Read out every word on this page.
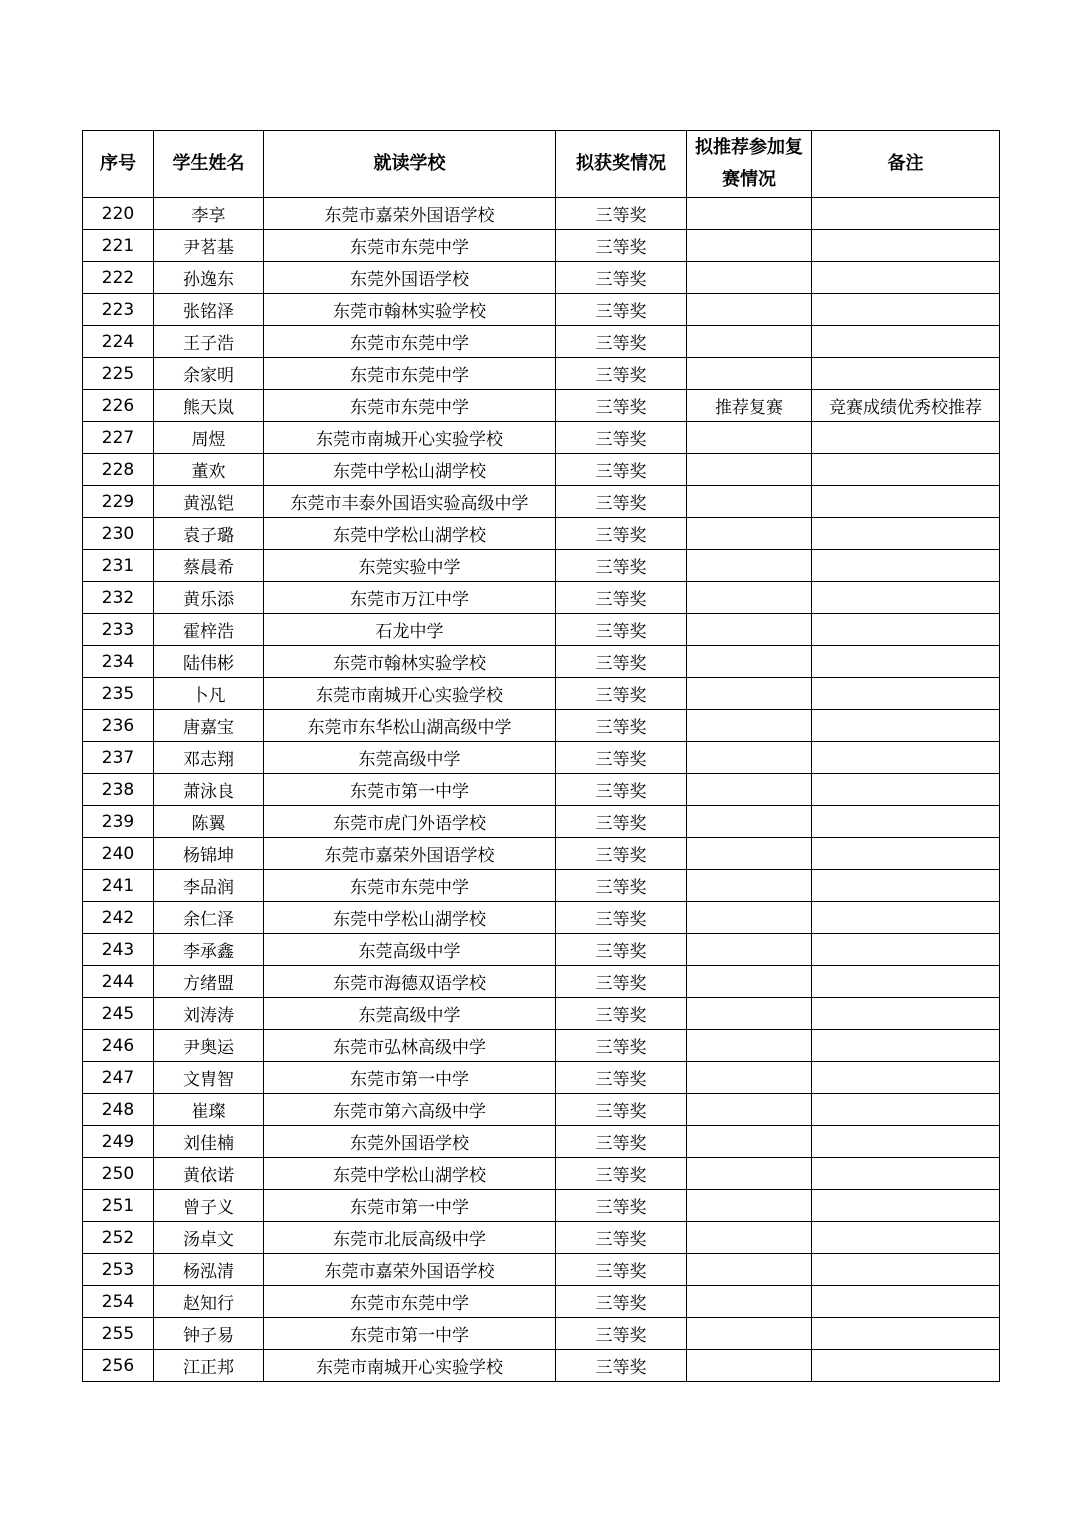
序号	学生姓名	就读学校	拟获奖情况	拟推荐参加复赛情况	备注
220	李享	东莞市嘉荣外国语学校	三等奖		
221	尹茗基	东莞市东莞中学	三等奖		
222	孙逸东	东莞外国语学校	三等奖		
223	张铭泽	东莞市翰林实验学校	三等奖		
224	王子浩	东莞市东莞中学	三等奖		
225	余家明	东莞市东莞中学	三等奖		
226	熊天岚	东莞市东莞中学	三等奖	推荐复赛	竞赛成绩优秀校推荐
227	周煜	东莞市南城开心实验学校	三等奖		
228	董欢	东莞中学松山湖学校	三等奖		
229	黄泓铠	东莞市丰泰外国语实验高级中学	三等奖		
230	袁子璐	东莞中学松山湖学校	三等奖		
231	蔡晨希	东莞实验中学	三等奖		
232	黄乐添	东莞市万江中学	三等奖		
233	霍梓浩	石龙中学	三等奖		
234	陆伟彬	东莞市翰林实验学校	三等奖		
235	卜凡	东莞市南城开心实验学校	三等奖		
236	唐嘉宝	东莞市东华松山湖高级中学	三等奖		
237	邓志翔	东莞高级中学	三等奖		
238	萧泳良	东莞市第一中学	三等奖		
239	陈翼	东莞市虎门外语学校	三等奖		
240	杨锦坤	东莞市嘉荣外国语学校	三等奖		
241	李品润	东莞市东莞中学	三等奖		
242	余仁泽	东莞中学松山湖学校	三等奖		
243	李承鑫	东莞高级中学	三等奖		
244	方绪盟	东莞市海德双语学校	三等奖		
245	刘涛涛	东莞高级中学	三等奖		
246	尹奥运	东莞市弘林高级中学	三等奖		
247	文胄智	东莞市第一中学	三等奖		
248	崔璨	东莞市第六高级中学	三等奖		
249	刘佳楠	东莞外国语学校	三等奖		
250	黄依诺	东莞中学松山湖学校	三等奖		
251	曾子义	东莞市第一中学	三等奖		
252	汤卓文	东莞市北辰高级中学	三等奖		
253	杨泓清	东莞市嘉荣外国语学校	三等奖		
254	赵知行	东莞市东莞中学	三等奖		
255	钟子易	东莞市第一中学	三等奖		
256	江正邦	东莞市南城开心实验学校	三等奖		
